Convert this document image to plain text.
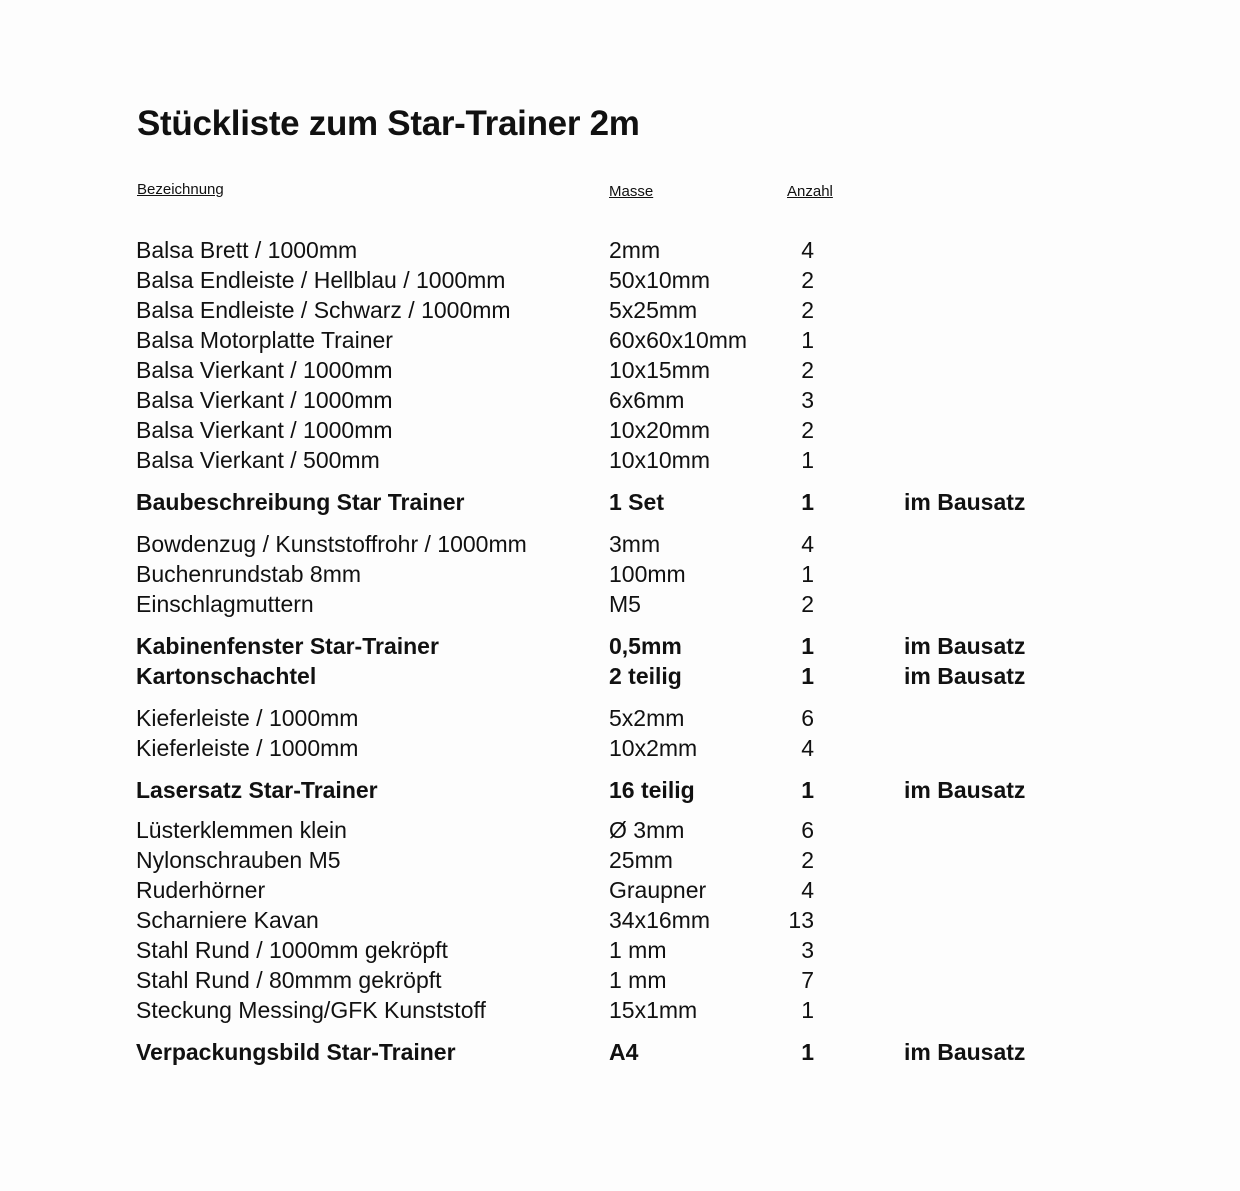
Stückliste zum Star-Trainer 2m
Bezeichnung	Masse	Anzahl
Balsa Brett / 1000mm	2mm	4
Balsa Endleiste / Hellblau / 1000mm	50x10mm	2
Balsa Endleiste / Schwarz / 1000mm	5x25mm	2
Balsa Motorplatte Trainer	60x60x10mm	1
Balsa Vierkant / 1000mm	10x15mm	2
Balsa Vierkant / 1000mm	6x6mm	3
Balsa Vierkant / 1000mm	10x20mm	2
Balsa Vierkant / 500mm	10x10mm	1
Baubeschreibung Star Trainer	1 Set	1	im Bausatz
Bowdenzug / Kunststoffrohr / 1000mm	3mm	4
Buchenrundstab 8mm	100mm	1
Einschlagmuttern	M5	2
Kabinenfenster Star-Trainer	0,5mm	1	im Bausatz
Kartonschachtel	2 teilig	1	im Bausatz
Kieferleiste / 1000mm	5x2mm	6
Kieferleiste / 1000mm	10x2mm	4
Lasersatz Star-Trainer	16 teilig	1	im Bausatz
Lüsterklemmen klein	Ø 3mm	6
Nylonschrauben M5	25mm	2
Ruderhörner	Graupner	4
Scharniere Kavan	34x16mm	13
Stahl Rund / 1000mm gekröpft	1 mm	3
Stahl Rund / 80mmm gekröpft	1 mm	7
Steckung Messing/GFK Kunststoff	15x1mm	1
Verpackungsbild Star-Trainer	A4	1	im Bausatz
